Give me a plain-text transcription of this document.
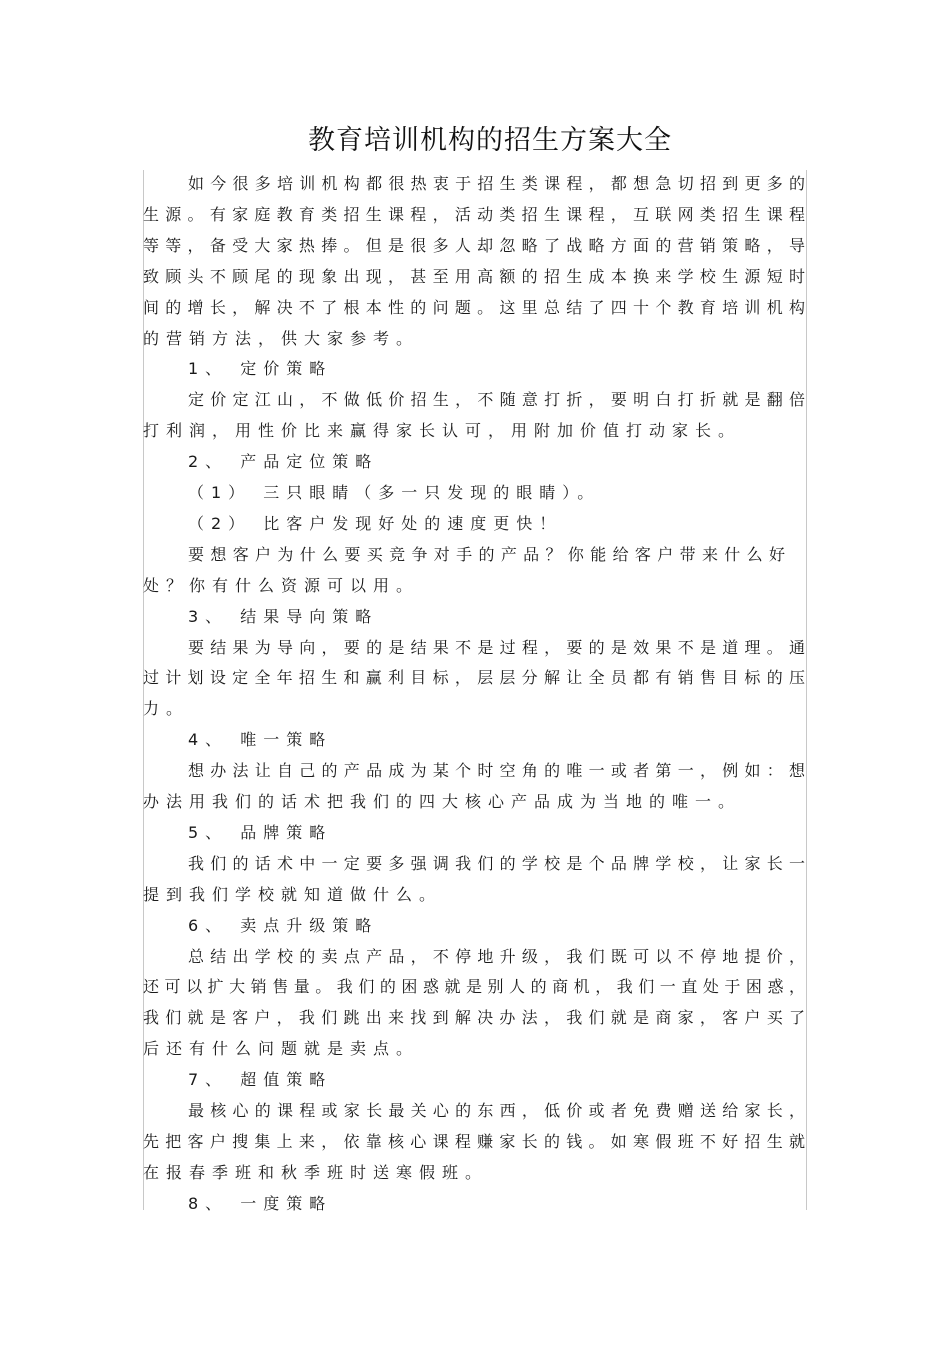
教育培训机构的招生方案大全
如今很多培训机构都很热衷于招生类课程，都想急切招到更多的
生源。有家庭教育类招生课程，活动类招生课程，互联网类招生课程
等等，备受大家热捧。但是很多人却忽略了战略方面的营销策略，导
致顾头不顾尾的现象出现，甚至用高额的招生成本换来学校生源短时
间的增长，解决不了根本性的问题。这里总结了四十个教育培训机构
的营销方法，供大家参考。
1、 定价策略
定价定江山，不做低价招生，不随意打折，要明白打折就是翻倍
打利润，用性价比来赢得家长认可，用附加价值打动家长。
2、 产品定位策略
（1） 三只眼睛（多一只发现的眼睛）。
（2） 比客户发现好处的速度更快！
要想客户为什么要买竞争对手的产品？你能给客户带来什么好
处？你有什么资源可以用。
3、 结果导向策略
要结果为导向，要的是结果不是过程，要的是效果不是道理。通
过计划设定全年招生和赢利目标，层层分解让全员都有销售目标的压
力。
4、 唯一策略
想办法让自己的产品成为某个时空角的唯一或者第一，例如：想
办法用我们的话术把我们的四大核心产品成为当地的唯一。
5、 品牌策略
我们的话术中一定要多强调我们的学校是个品牌学校，让家长一
提到我们学校就知道做什么。
6、 卖点升级策略
总结出学校的卖点产品，不停地升级，我们既可以不停地提价，
还可以扩大销售量。我们的困惑就是别人的商机，我们一直处于困惑，
我们就是客户，我们跳出来找到解决办法，我们就是商家，客户买了
后还有什么问题就是卖点。
7、 超值策略
最核心的课程或家长最关心的东西，低价或者免费赠送给家长，
先把客户搜集上来，依靠核心课程赚家长的钱。如寒假班不好招生就
在报春季班和秋季班时送寒假班。
8、 一度策略
